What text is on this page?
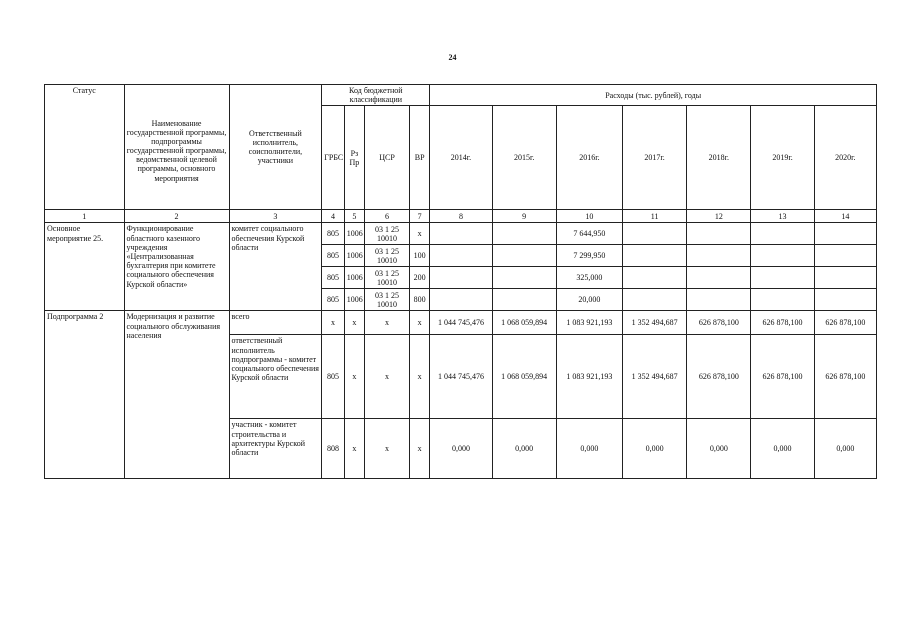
24
Статус	Наименование государственной программы, подпрограммы государственной программы, ведомственной целевой программы, основного мероприятия	Ответственный исполнитель, соисполнители, участники	Код бюджетной классификации				Расходы (тыс. рублей), годы						
			ГРБС	Рз Пр	ЦСР	ВР	2014г.	2015г.	2016г.	2017г.	2018г.	2019г.	2020г.
1	2	3	4	5	6	7	8	9	10	11	12	13	14
Основное мероприятие 25.	Функционирование областного казенного учреждения «Централизованная бухгалтерия при комитете социального обеспечения Курской области»	комитет социального обеспечения Курской области	805	1006	03 1 25 10010	х			7 644,950				
			805	1006	03 1 25 10010	100			7 299,950				
			805	1006	03 1 25 10010	200			325,000				
			805	1006	03 1 25 10010	800			20,000				
Подпрограмма 2	Модернизация и развитие социального обслуживания населения	всего	х	х	х	х	1 044 745,476	1 068 059,894	1 083 921,193	1 352 494,687	626 878,100	626 878,100	626 878,100
		ответственный исполнитель подпрограммы - комитет социального обеспечения Курской области	805	х	х	х	1 044 745,476	1 068 059,894	1 083 921,193	1 352 494,687	626 878,100	626 878,100	626 878,100
		участник - комитет строительства и архитектуры Курской области	808	х	х	х	0,000	0,000	0,000	0,000	0,000	0,000	0,000
